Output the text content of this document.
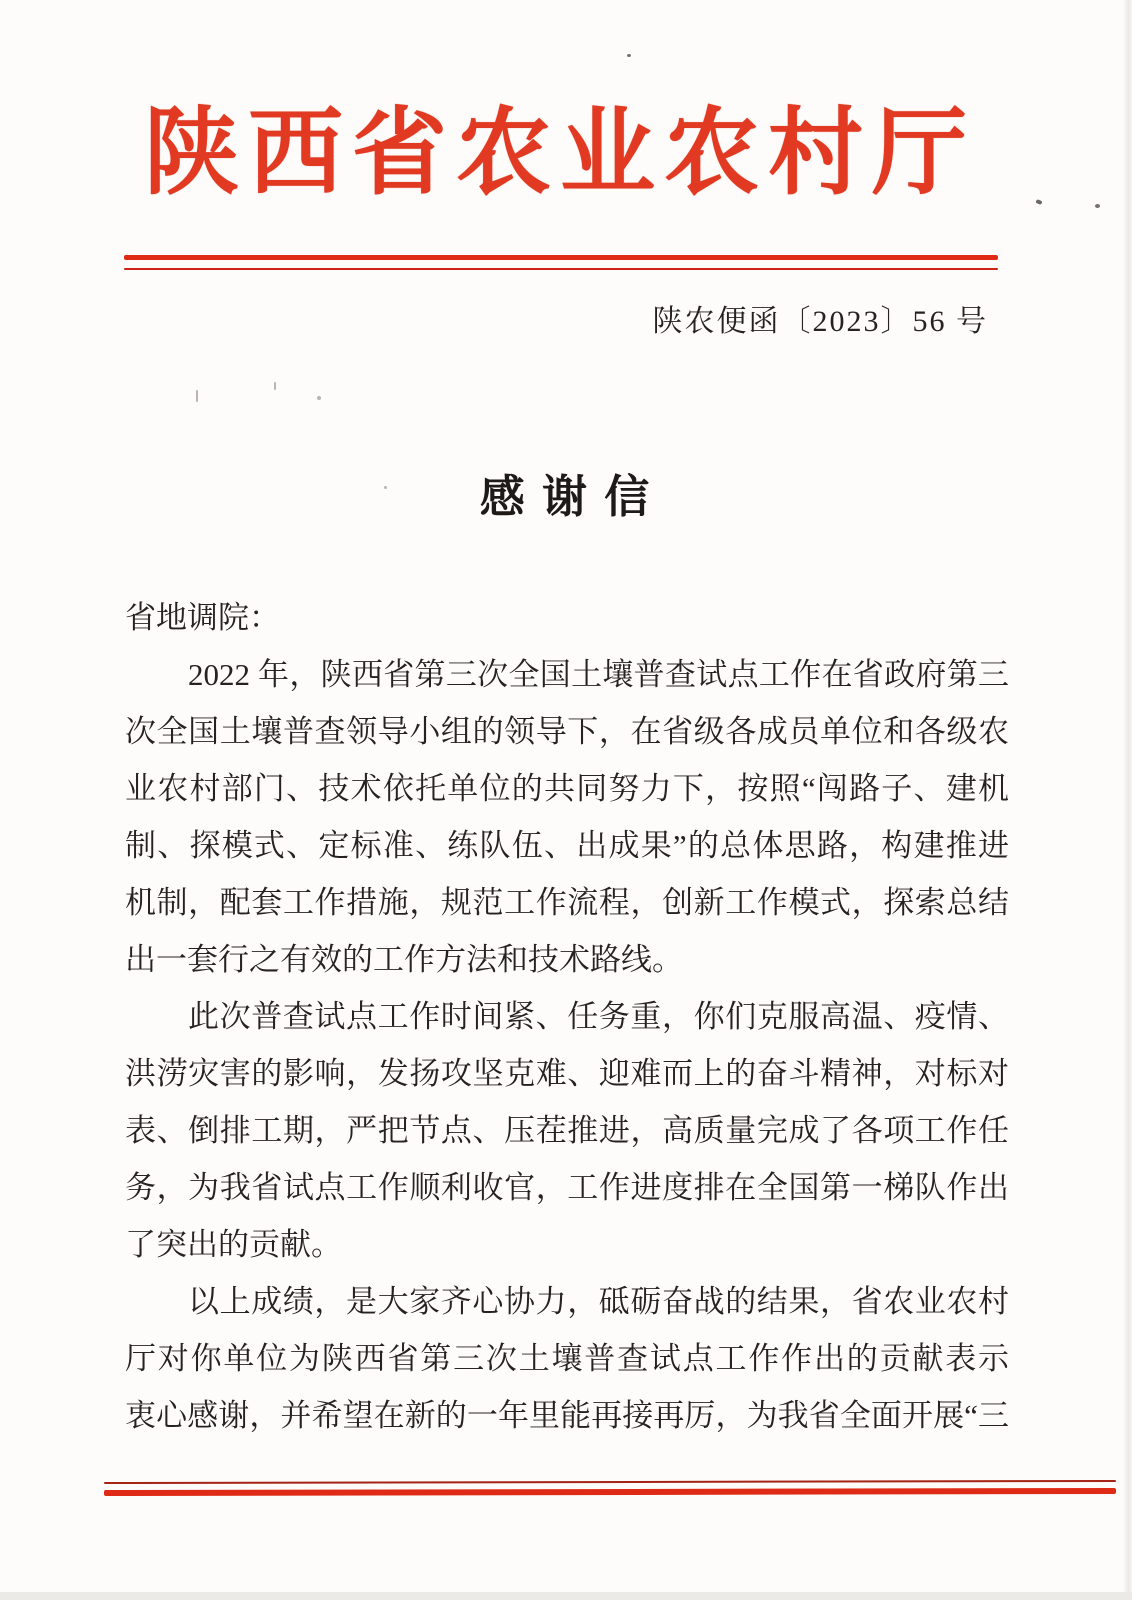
陕西省农业农村厅
陕农便函〔2023〕56 号
感 谢 信
省地调院：
2022 年，陕西省第三次全国土壤普查试点工作在省政府第三
次全国土壤普查领导小组的领导下，在省级各成员单位和各级农
业农村部门、技术依托单位的共同努力下，按照“闯路子、建机
制、探模式、定标准、练队伍、出成果”的总体思路，构建推进
机制，配套工作措施，规范工作流程，创新工作模式，探索总结
出一套行之有效的工作方法和技术路线。
此次普查试点工作时间紧、任务重，你们克服高温、疫情、
洪涝灾害的影响，发扬攻坚克难、迎难而上的奋斗精神，对标对
表、倒排工期，严把节点、压茬推进，高质量完成了各项工作任
务，为我省试点工作顺利收官，工作进度排在全国第一梯队作出
了突出的贡献。
以上成绩，是大家齐心协力，砥砺奋战的结果，省农业农村
厅对你单位为陕西省第三次土壤普查试点工作作出的贡献表示
衷心感谢，并希望在新的一年里能再接再厉，为我省全面开展“三
